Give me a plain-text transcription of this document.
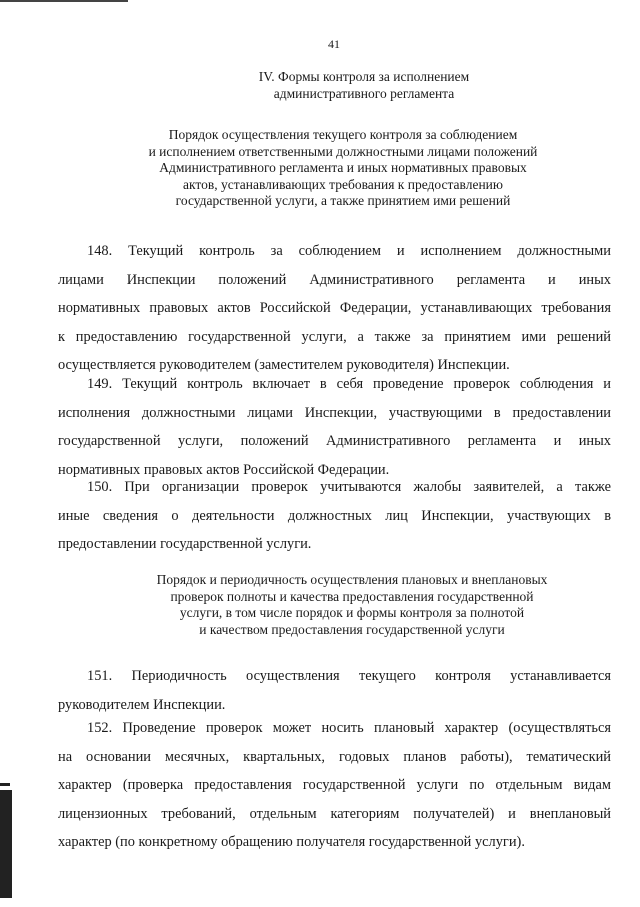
41
IV. Формы контроля за исполнением
административного регламента
Порядок осуществления текущего контроля за соблюдением
и исполнением ответственными должностными лицами положений
Административного регламента и иных нормативных правовых
актов, устанавливающих требования к предоставлению
государственной услуги, а также принятием ими решений
148. Текущий контроль за соблюдением и исполнением должностными
лицами Инспекции положений Административного регламента и иных
нормативных правовых актов Российской Федерации, устанавливающих требования
к предоставлению государственной услуги, а также за принятием ими решений
осуществляется руководителем (заместителем руководителя) Инспекции.
149. Текущий контроль включает в себя проведение проверок соблюдения и
исполнения должностными лицами Инспекции, участвующими в предоставлении
государственной услуги, положений Административного регламента и иных
нормативных правовых актов Российской Федерации.
150. При организации проверок учитываются жалобы заявителей, а также
иные сведения о деятельности должностных лиц Инспекции, участвующих в
предоставлении государственной услуги.
Порядок и периодичность осуществления плановых и внеплановых
проверок полноты и качества предоставления государственной
услуги, в том числе порядок и формы контроля за полнотой
и качеством предоставления государственной услуги
151. Периодичность осуществления текущего контроля устанавливается
руководителем Инспекции.
152. Проведение проверок может носить плановый характер (осуществляться
на основании месячных, квартальных, годовых планов работы), тематический
характер (проверка предоставления государственной услуги по отдельным видам
лицензионных требований, отдельным категориям получателей) и внеплановый
характер (по конкретному обращению получателя государственной услуги).
